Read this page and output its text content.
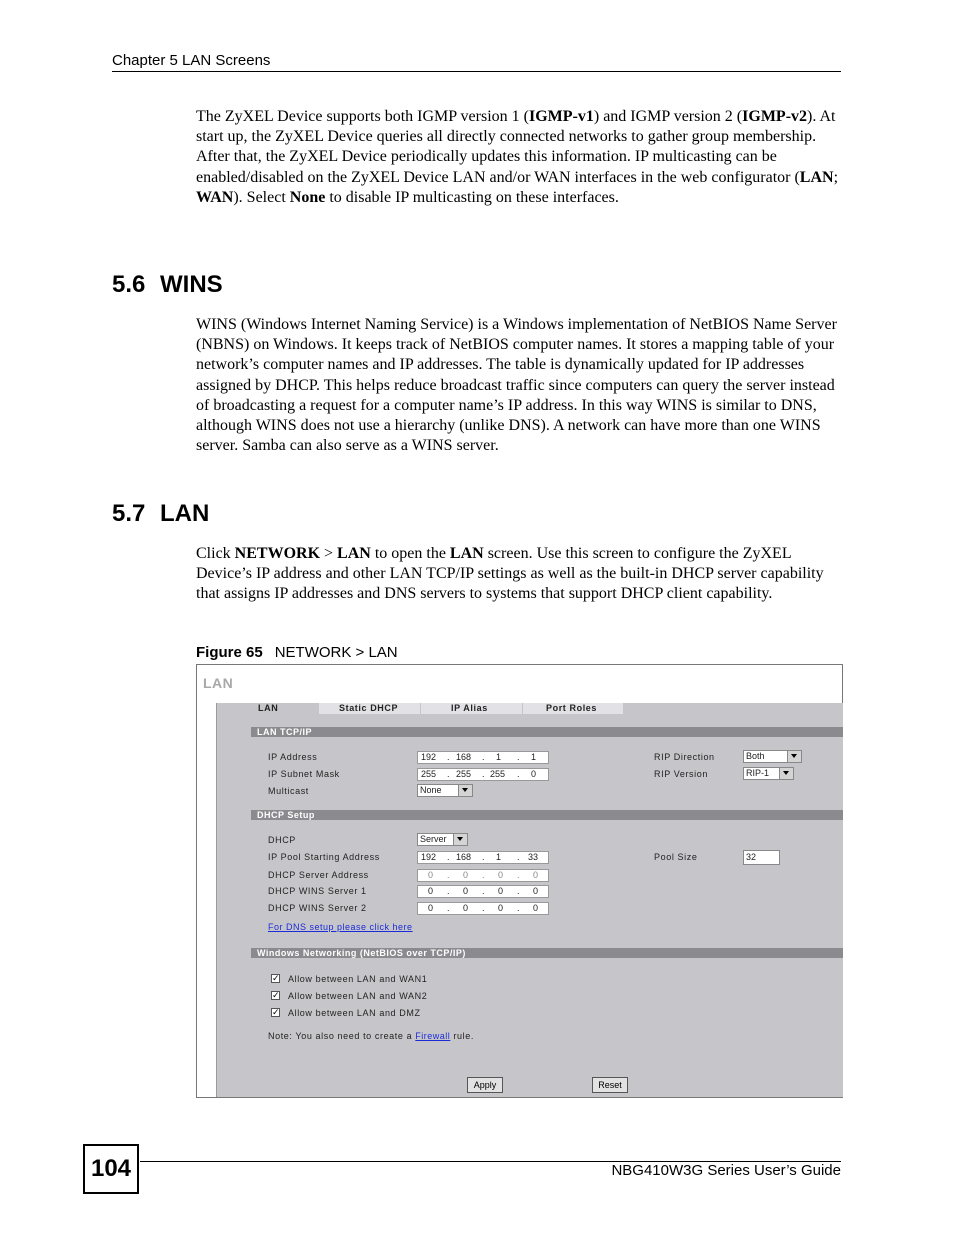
Chapter 5 LAN Screens
The ZyXEL Device supports both IGMP version 1 (IGMP-v1) and IGMP version 2 (IGMP-v2). At start up, the ZyXEL Device queries all directly connected networks to gather group membership. After that, the ZyXEL Device periodically updates this information. IP multicasting can be enabled/disabled on the ZyXEL Device LAN and/or WAN interfaces in the web configurator (LAN; WAN). Select None to disable IP multicasting on these interfaces.
5.6 WINS
WINS (Windows Internet Naming Service) is a Windows implementation of NetBIOS Name Server (NBNS) on Windows. It keeps track of NetBIOS computer names. It stores a mapping table of your network’s computer names and IP addresses. The table is dynamically updated for IP addresses assigned by DHCP. This helps reduce broadcast traffic since computers can query the server instead of broadcasting a request for a computer name’s IP address. In this way WINS is similar to DNS, although WINS does not use a hierarchy (unlike DNS). A network can have more than one WINS server. Samba can also serve as a WINS server.
5.7 LAN
Click NETWORK > LAN to open the LAN screen. Use this screen to configure the ZyXEL Device’s IP address and other LAN TCP/IP settings as well as the built-in DHCP server capability that assigns IP addresses and DNS servers to systems that support DHCP client capability.
Figure 65 NETWORK > LAN
LAN
LAN	Static DHCP	IP Alias	Port Roles
LAN TCP/IP
IP Address	192 . 168 . 1 . 1
IP Subnet Mask	255 . 255 . 255 . 0
Multicast	None
RIP Direction	Both
RIP Version	RIP-1
DHCP Setup
DHCP	Server
IP Pool Starting Address	192 . 168 . 1 . 33	Pool Size	32
DHCP Server Address	0 . 0 . 0 . 0
DHCP WINS Server 1	0 . 0 . 0 . 0
DHCP WINS Server 2	0 . 0 . 0 . 0
For DNS setup please click here
Windows Networking (NetBIOS over TCP/IP)
✓ Allow between LAN and WAN1
✓ Allow between LAN and WAN2
✓ Allow between LAN and DMZ
Note: You also need to create a Firewall rule.
Apply	Reset
104	NBG410W3G Series User’s Guide
